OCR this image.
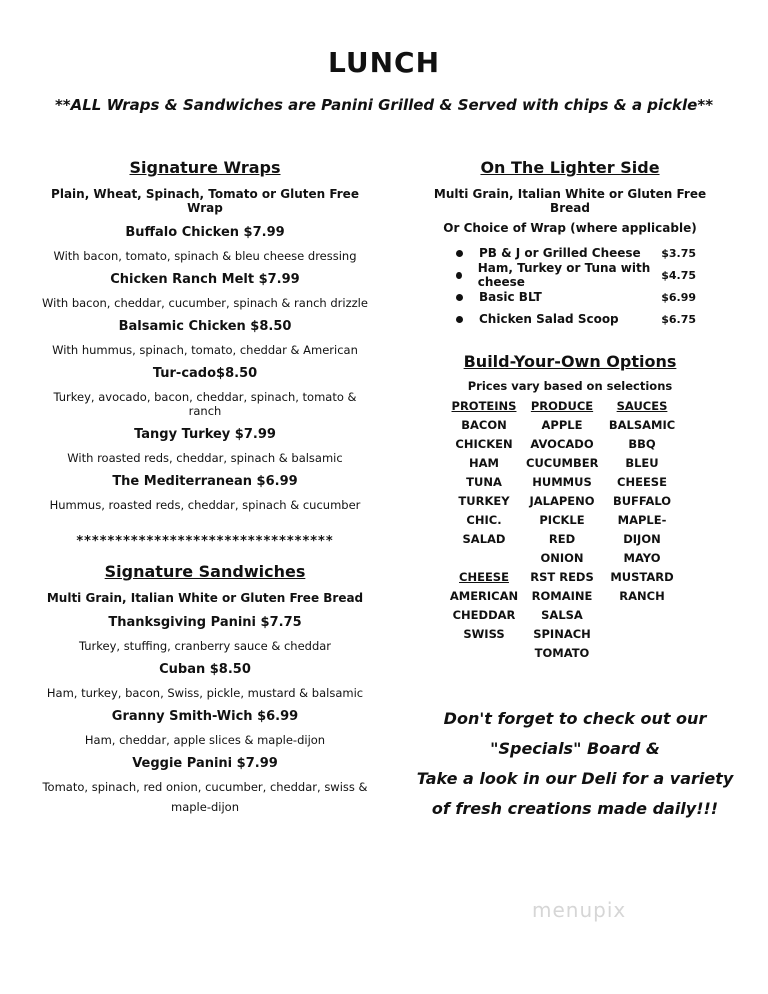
LUNCH
**ALL Wraps & Sandwiches are Panini Grilled & Served with chips & a pickle**
Signature Wraps
Plain, Wheat, Spinach, Tomato or Gluten Free Wrap
Buffalo Chicken $7.99
With bacon, tomato, spinach & bleu cheese dressing
Chicken Ranch Melt $7.99
With bacon, cheddar, cucumber, spinach & ranch drizzle
Balsamic Chicken $8.50
With hummus, spinach, tomato, cheddar & American
Tur-cado$8.50
Turkey, avocado, bacon, cheddar, spinach, tomato & ranch
Tangy Turkey $7.99
With roasted reds, cheddar, spinach & balsamic
The Mediterranean $6.99
Hummus, roasted reds, cheddar, spinach & cucumber
*********************************
Signature Sandwiches
Multi Grain, Italian White or Gluten Free Bread
Thanksgiving Panini $7.75
Turkey, stuffing, cranberry sauce & cheddar
Cuban $8.50
Ham, turkey, bacon, Swiss, pickle, mustard & balsamic
Granny Smith-Wich $6.99
Ham, cheddar, apple slices & maple-dijon
Veggie Panini $7.99
Tomato, spinach, red onion, cucumber, cheddar, swiss &
maple-dijon
On The Lighter Side
Multi Grain, Italian White or Gluten Free Bread
Or Choice of Wrap (where applicable)
PB & J or Grilled Cheese $3.75
Ham, Turkey or Tuna with cheese	$4.75
Basic BLT	$6.99
Chicken Salad Scoop	$6.75
Build-Your-Own Options
Prices vary based on selections
PROTEINS
BACON
CHICKEN
HAM
TUNA
TURKEY
CHIC. SALAD
CHEESE
AMERICAN
CHEDDAR
SWISS
PRODUCE
APPLE
AVOCADO
CUCUMBER
HUMMUS
JALAPENO
PICKLE
RED ONION
RST REDS
ROMAINE
SALSA
SPINACH
TOMATO
SAUCES
BALSAMIC
BBQ
BLEU CHEESE
BUFFALO
MAPLE-DIJON
MAYO
MUSTARD
RANCH
Don't forget to check out our
"Specials" Board &
Take a look in our Deli for a variety
of fresh creations made daily!!!
menupix
